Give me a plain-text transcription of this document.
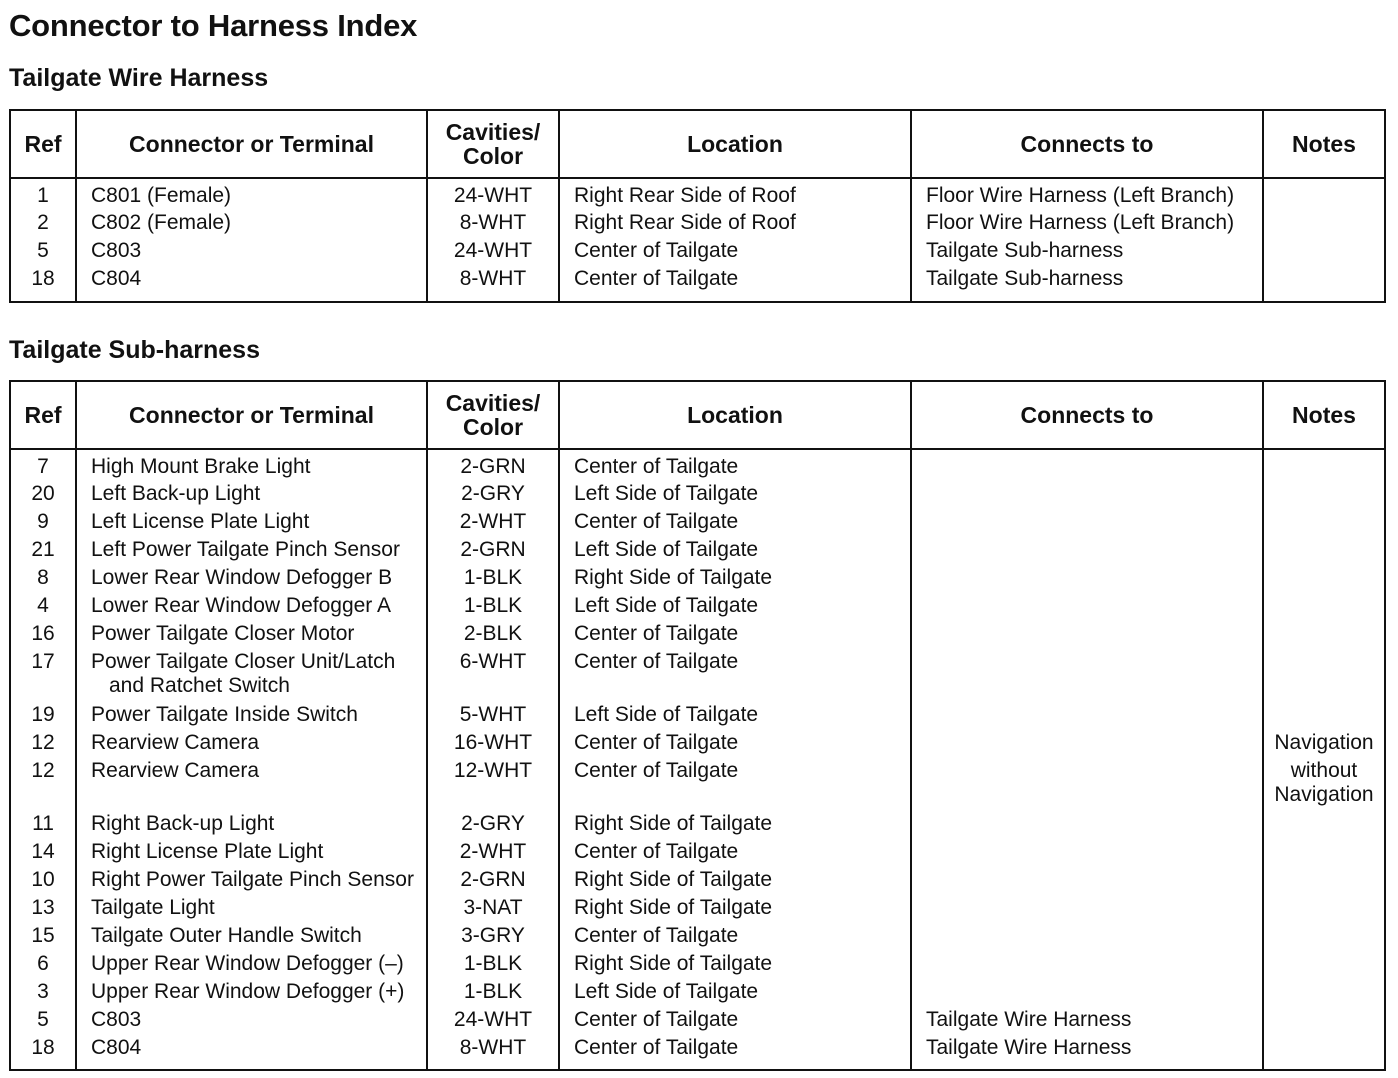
Connector to Harness Index
Tailgate Wire Harness
Ref	Connector or Terminal	Cavities/
Color	Location	Connects to	Notes

1	C801 (Female)	24-WHT	Right Rear Side of Roof	Floor Wire Harness (Left Branch)	

2	C802 (Female)	8-WHT	Right Rear Side of Roof	Floor Wire Harness (Left Branch)	

5	C803	24-WHT	Center of Tailgate	Tailgate Sub-harness	

18	C804	8-WHT	Center of Tailgate	Tailgate Sub-harness	

Tailgate Sub-harness
Ref	Connector or Terminal	Cavities/
Color	Location	Connects to	Notes

7	High Mount Brake Light	2-GRN	Center of Tailgate		

20	Left Back-up Light	2-GRY	Left Side of Tailgate		

9	Left License Plate Light	2-WHT	Center of Tailgate		

21	Left Power Tailgate Pinch Sensor	2-GRN	Left Side of Tailgate		

8	Lower Rear Window Defogger B	1-BLK	Right Side of Tailgate		

4	Lower Rear Window Defogger A	1-BLK	Left Side of Tailgate		

16	Power Tailgate Closer Motor	2-BLK	Center of Tailgate		

17	Power Tailgate Closer Unit/Latch
and Ratchet Switch	6-WHT	Center of Tailgate		

19	Power Tailgate Inside Switch	5-WHT	Left Side of Tailgate		

12	Rearview Camera	16-WHT	Center of Tailgate		Navigation

12	Rearview Camera	12-WHT	Center of Tailgate		without
Navigation

11	Right Back-up Light	2-GRY	Right Side of Tailgate		

14	Right License Plate Light	2-WHT	Center of Tailgate		

10	Right Power Tailgate Pinch Sensor	2-GRN	Right Side of Tailgate		

13	Tailgate Light	3-NAT	Right Side of Tailgate		

15	Tailgate Outer Handle Switch	3-GRY	Center of Tailgate		

6	Upper Rear Window Defogger (–)	1-BLK	Right Side of Tailgate		

3	Upper Rear Window Defogger (+)	1-BLK	Left Side of Tailgate		

5	C803	24-WHT	Center of Tailgate	Tailgate Wire Harness	

18	C804	8-WHT	Center of Tailgate	Tailgate Wire Harness	
